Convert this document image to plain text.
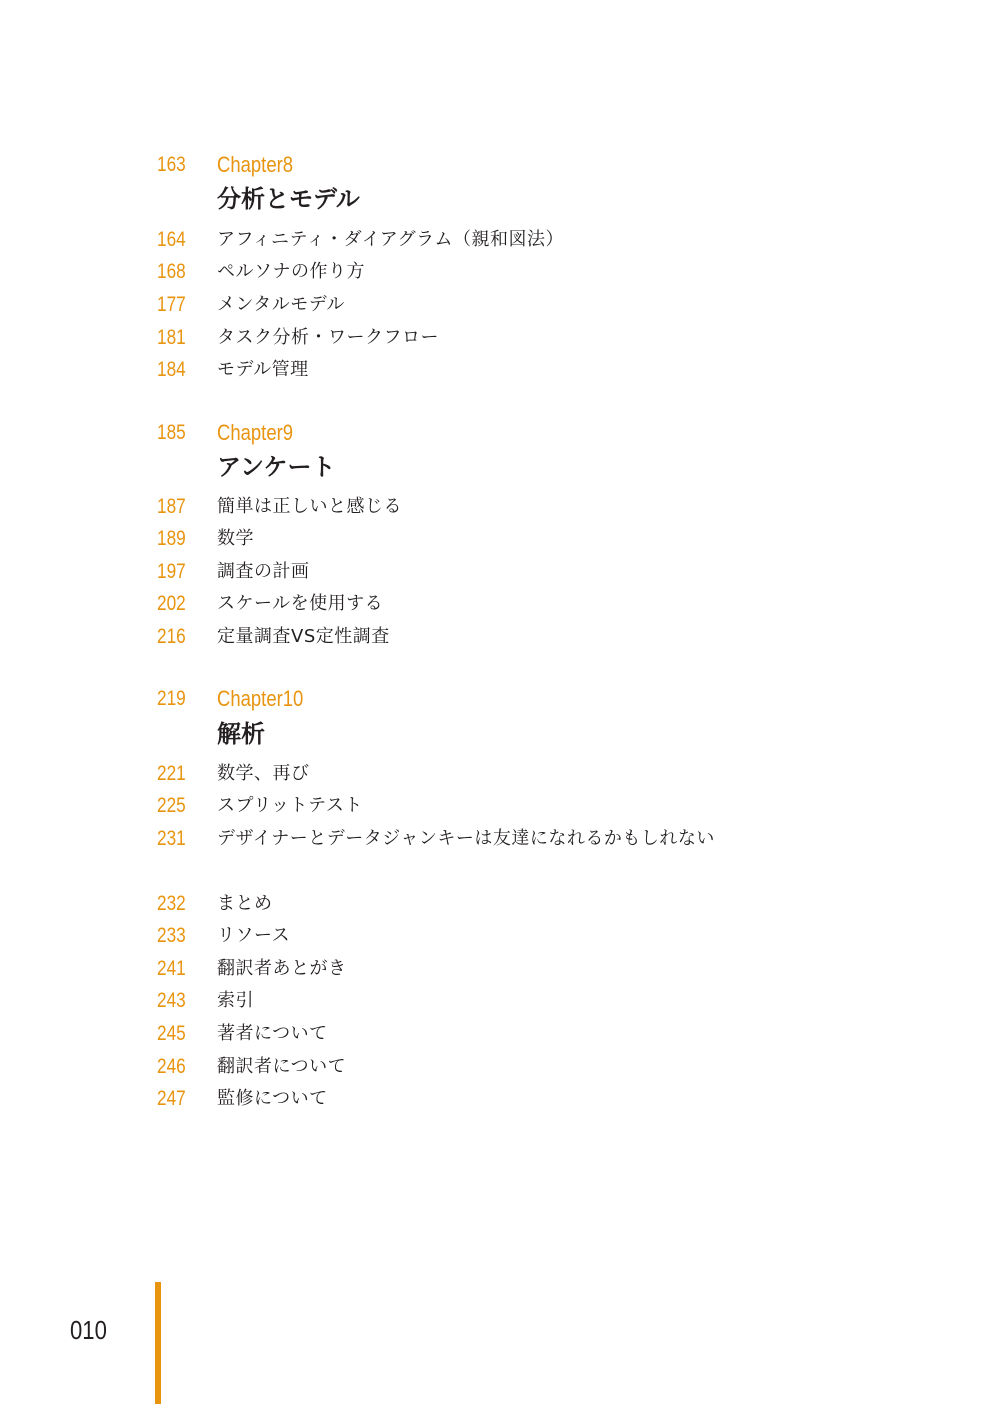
163 Chapter8
分析とモデル
164 アフィニティ・ダイアグラム（親和図法）
168 ペルソナの作り方
177 メンタルモデル
181 タスク分析・ワークフロー
184 モデル管理
185 Chapter9
アンケート
187 簡単は正しいと感じる
189 数学
197 調査の計画
202 スケールを使用する
216 定量調査VS定性調査
219 Chapter10
解析
221 数学、再び
225 スプリットテスト
231 デザイナーとデータジャンキーは友達になれるかもしれない
232 まとめ
233 リソース
241 翻訳者あとがき
243 索引
245 著者について
246 翻訳者について
247 監修について
010
